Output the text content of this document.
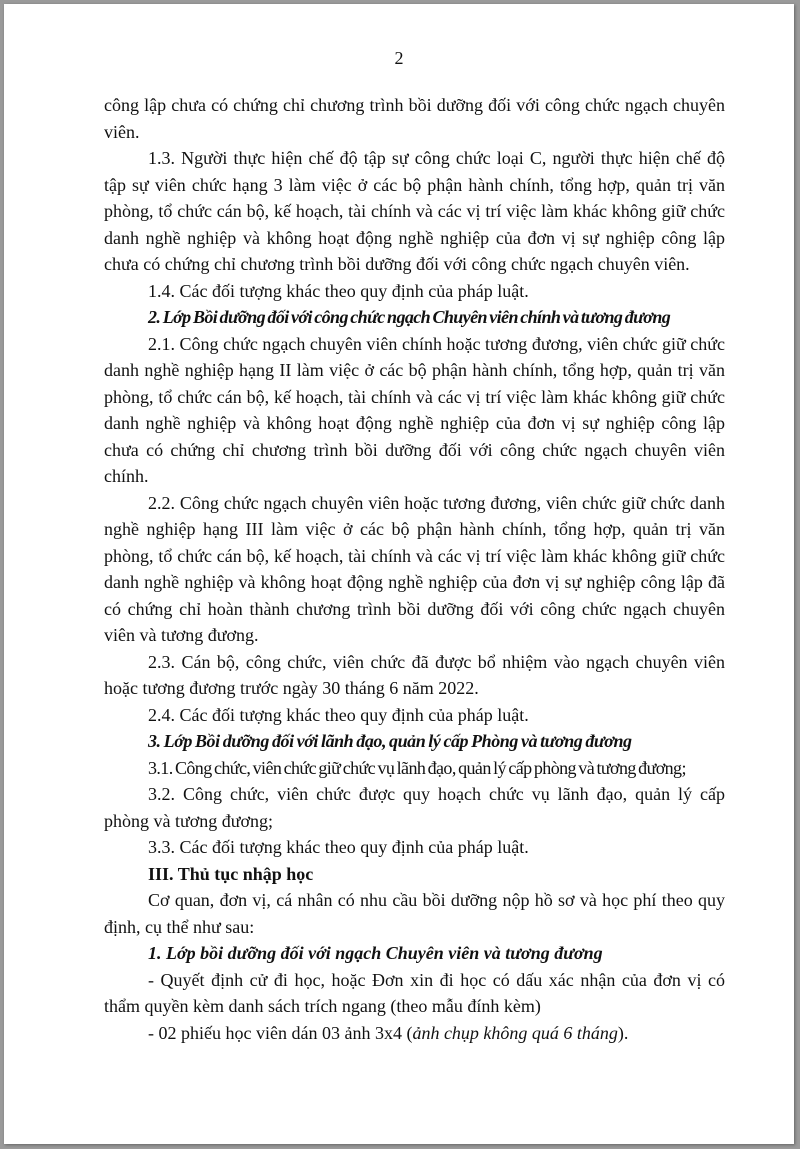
2

công lập chưa có chứng chỉ chương trình bồi dưỡng đối với công chức ngạch chuyên viên.

1.3. Người thực hiện chế độ tập sự công chức loại C, người thực hiện chế độ tập sự viên chức hạng 3 làm việc ở các bộ phận hành chính, tổng hợp, quản trị văn phòng, tổ chức cán bộ, kế hoạch, tài chính và các vị trí việc làm khác không giữ chức danh nghề nghiệp và không hoạt động nghề nghiệp của đơn vị sự nghiệp công lập chưa có chứng chỉ chương trình bồi dưỡng đối với công chức ngạch chuyên viên.

1.4. Các đối tượng khác theo quy định của pháp luật.

2. Lớp Bồi dưỡng đối với công chức ngạch Chuyên viên chính và tương đương

2.1. Công chức ngạch chuyên viên chính hoặc tương đương, viên chức giữ chức danh nghề nghiệp hạng II làm việc ở các bộ phận hành chính, tổng hợp, quản trị văn phòng, tổ chức cán bộ, kế hoạch, tài chính và các vị trí việc làm khác không giữ chức danh nghề nghiệp và không hoạt động nghề nghiệp của đơn vị sự nghiệp công lập chưa có chứng chỉ chương trình bồi dưỡng đối với công chức ngạch chuyên viên chính.

2.2. Công chức ngạch chuyên viên hoặc tương đương, viên chức giữ chức danh nghề nghiệp hạng III làm việc ở các bộ phận hành chính, tổng hợp, quản trị văn phòng, tổ chức cán bộ, kế hoạch, tài chính và các vị trí việc làm khác không giữ chức danh nghề nghiệp và không hoạt động nghề nghiệp của đơn vị sự nghiệp công lập đã có chứng chỉ hoàn thành chương trình bồi dưỡng đối với công chức ngạch chuyên viên và tương đương.

2.3. Cán bộ, công chức, viên chức đã được bổ nhiệm vào ngạch chuyên viên hoặc tương đương trước ngày 30 tháng 6 năm 2022.

2.4. Các đối tượng khác theo quy định của pháp luật.

3. Lớp Bồi dưỡng đối với lãnh đạo, quản lý cấp Phòng và tương đương

3.1. Công chức, viên chức giữ chức vụ lãnh đạo, quản lý cấp phòng và tương đương;

3.2. Công chức, viên chức được quy hoạch chức vụ lãnh đạo, quản lý cấp phòng và tương đương;

3.3. Các đối tượng khác theo quy định của pháp luật.

III. Thủ tục nhập học

Cơ quan, đơn vị, cá nhân có nhu cầu bồi dưỡng nộp hồ sơ và học phí theo quy định, cụ thể như sau:

1. Lớp bồi dưỡng đối với ngạch Chuyên viên và tương đương

- Quyết định cử đi học, hoặc Đơn xin đi học có dấu xác nhận của đơn vị có thẩm quyền kèm danh sách trích ngang (theo mẫu đính kèm)

- 02 phiếu học viên dán 03 ảnh 3x4 (ảnh chụp không quá 6 tháng).
